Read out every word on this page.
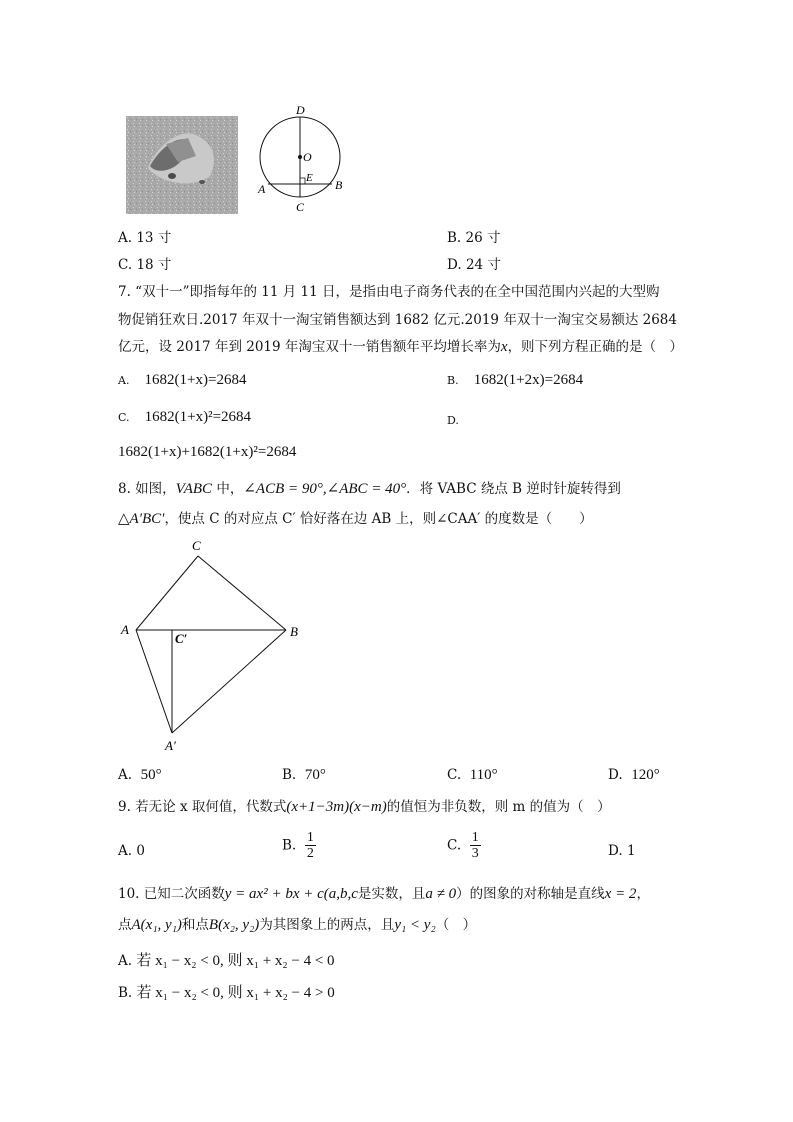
D
O
E
A	B
C
A. 13 寸	B. 26 寸
C. 18 寸	D. 24 寸
7. “双十一”即指每年的 11 月 11 日，是指由电子商务代表的在全中国范围内兴起的大型购
物促销狂欢日.2017 年双十一淘宝销售额达到 1682 亿元.2019 年双十一淘宝交易额达 2684
亿元，设 2017 年到 2019 年淘宝双十一销售额年平均增长率为x，则下列方程正确的是（　）
A. 1682(1+x)=2684	B. 1682(1+2x)=2684
C. 1682(1+x)²=2684	D.
1682(1+x)+1682(1+x)²=2684
8. 如图，VABC 中，∠ACB = 90°,∠ABC = 40°．将 VABC 绕点 B 逆时针旋转得到
△A′BC′，使点 C 的对应点 C′ 恰好落在边 AB 上，则∠CAA′ 的度数是（　　）
C
A
C′	B
A′
A. 50°	B. 70°	C. 110°	D. 120°
9. 若无论 x 取何值，代数式(x+1−3m)(x−m)的值恒为非负数，则 m 的值为（　）
A. 0	B. $\frac{1}{2}$	C. $\frac{1}{3}$	D. 1
10. 已知二次函数y = ax² + bx + c(a,b,c是实数，且a ≠ 0）的图象的对称轴是直线x = 2，
点A(x₁, y₁)和点B(x₂, y₂)为其图象上的两点，且y₁ < y₂（　）
A. 若 x₁ − x₂ < 0, 则 x₁ + x₂ − 4 < 0
B. 若 x₁ − x₂ < 0, 则 x₁ + x₂ − 4 > 0
